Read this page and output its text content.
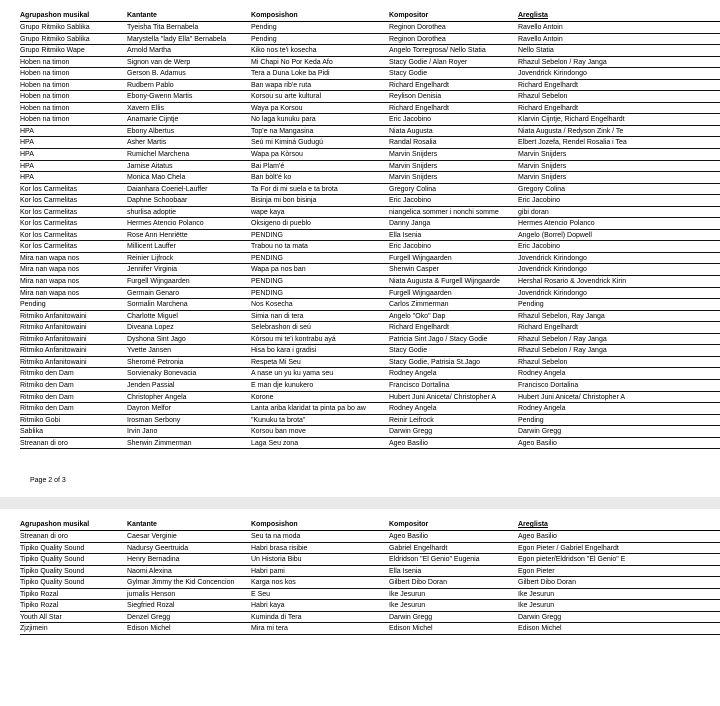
Agrupashon musikal	Kantante	Komposishon	Kompositor	Areglista
Grupo Ritmiko Sablika	Tyeisha Tita Bernabela	Pending	Reginon Dorothea	Ravello Antoin
Grupo Ritmiko Sablika	Marystella "lady Ella" Bernabela	Pending	Reginon Dorothea	Ravello Antoin
Grupo Ritmiko Wape	Arnold Martha	Kiko nos te'i kosecha	Angelo Torregrosa/ Nello Statia	Nello Statia
Hoben na timon	Signon van de Werp	Mi Chapi No Por Keda Afo	Stacy Godie / Alan Royer	Rhazul Sebelon / Ray Janga
Hoben na timon	Gerson B. Adamus	Tera a Duna Loke ba Pidi	Stacy Godie	Jovendrick Kirindongo
Hoben na timon	Rudbern Pablo	Ban wapa rib'e ruta	Richard Engelhardt	Richard Engelhardt
Hoben na timon	Ebony-Gwenn Martis	Korsou su arte kultural	Reylison Denisia	Rhazul Sebelon
Hoben na timon	Xavern Ellis	Waya pa Korsou	Richard Engelhardt	Richard Engelhardt
Hoben na timon	Anamarie Cijntje	No laga kunuku para	Eric Jacobino	Klarvin Cijntje, Richard Engelhardt
HPA	Ebony Albertus	Top'e na Mangasina	Niata Augusta	Niata Augusta / Redyson Zink / Te
HPA	Asher Martis	Seú mi Kiminá Gudugú	Randal Rosalia	Elbert Jozefa, Rendel Rosalia i Tea
HPA	Rumichel Marchena	Wapa pa Kòrsou	Marvin Snijders	Marvin Snijders
HPA	Jarnise Aitatus	Bai Plam'é	Marvin Snijders	Marvin Snijders
HPA	Monica Mao Chela	Ban bòlt'é ko	Marvin Snijders	Marvin Snijders
Kor los Carmelitas	Daianhara Coeriel-Lauffer	Ta For di mi suela e ta brota	Gregory Colina	Gregory Colina
Kor los Carmelitas	Daphne Schoobaar	Bisinja mi bon bisinja	Eric Jacobino	Eric Jacobino
Kor los Carmelitas	shurlisa adoptie	wape kaya	niangelica sommer i nonchi somme	gibi doran
Kor los Carmelitas	Hermes Atencio Polanco	Oksigeno di pueblo	Danny Janga	Hermes Atencio Polanco
Kor los Carmelitas	Rose Ann Henriëtte	PENDING	Ella Isenia	Angelo (Borrel) Dopwell
Kor los Carmelitas	Millicent Lauffer	Trabou no ta mata	Eric Jacobino	Eric Jacobino
Mira nan wapa nos	Reinier Lijfrock	PENDING	Furgell Wijngaarden	Jovendrick Kirindongo
Mira nan wapa nos	Jennifer Virginia	Wapa pa nos ban	Sherwin Casper	Jovendrick Kirindongo
Mira nan wapa nos	Furgell Wijngaarden	PENDING	Niata Augusta & Furgell Wijngaarde	Hershal Rosario & Jovendrick Kirin
Mira nan wapa nos	Germain Genaro	PENDING	Furgell Wijngaarden	Jovendrick Kirindongo
Pending	Sormalin Marchena	Nos Kosecha	Carlos Zimmerman	Pending
Ritmiko Anfanitowaini	Charlotte Miguel	Simia nan di tera	Angelo "Oko" Dap	Rhazul Sebelon, Ray Janga
Ritmiko Anfanitowaini	Diveana Lopez	Selebrashon di seú	Richard Engelhardt	Richard Engelhardt
Ritmiko Anfanitowaini	Dyshona Sint Jago	Kòrsou mi te'i kontrabu ayá	Patricia Sint Jago / Stacy Godie	Rhazul Sebelon / Ray Janga
Ritmiko Anfanitowaini	Yvette Jansen	Hisa bo kara i gradisi	Stacy Godie	Rhazul Sebelon / Ray Janga
Ritmiko Anfanitowaini	Sheromé Petronia	Respeta Mi Seu	Stacy Godie, Patrisia St.Jago	Rhazul Sebelon
Ritmiko den Dam	Sorvienaky Bonevacia	A nase un yu ku yama seu	Rodney Angela	Rodney Angela
Ritmiko den Dam	Jenden Passial	E man dje kunukero	Francisco Dortalina	Francisco Dortalina
Ritmiko den Dam	Christopher Angela	Korone	Hubert Juni Aniceta/ Christopher A	Hubert Juni Aniceta/ Christopher A
Ritmiko den Dam	Dayron Melfor	Lanta ariba klaridat ta pinta pa bo aw	Rodney Angela	Rodney Angela
Ritmiko Gobi	Irosman Serbony	"Kunuku ta brota"	Reinir Leifrock	Pending
Sablika	Irvin Jano	Korsou ban move	Darwin Gregg	Darwin Gregg
Streanan di oro	Sherwin Zimmerman	Laga Seu zona	Ageo Basilio	Ageo Basilio
Page 2 of 3
Agrupashon musikal	Kantante	Komposishon	Kompositor	Areglista
Streanan di oro	Caesar Verginie	Seu ta na moda	Ageo Basilio	Ageo Basilio
Tipiko Quality Sound	Nadursy Geertruida	Habri brasa risibie	Gabriel Engelhardt	Egon Pieter / Gabriel Engelhardt
Tipiko Quality Sound	Henry Bernadina	Un Historia Bibu	Eldridson "El Genio" Eugenia	Egon pieter/Eldridson "El Genio" E
Tipiko Quality Sound	Naomi Alexina	Habri pami	Ella Isenia	Egon Pieter
Tipiko Quality Sound	Gylmar Jimmy the Kid Concencion	Karga nos kos	Gilbert Dibo Doran	Gilbert Dibo Doran
Tipiko Rozal	jurnalis Henson	E Seu	Ike Jesurun	Ike Jesurun
Tipiko Rozal	Siegfried Rozal	Habri kaya	Ike Jesurun	Ike Jesurun
Youth All Star	Denzel Gregg	Kuminda di Tera	Darwin Gregg	Darwin Gregg
Zjzjimein	Edison Michel	Mira mi tera	Edison Michel	Edison Michel
